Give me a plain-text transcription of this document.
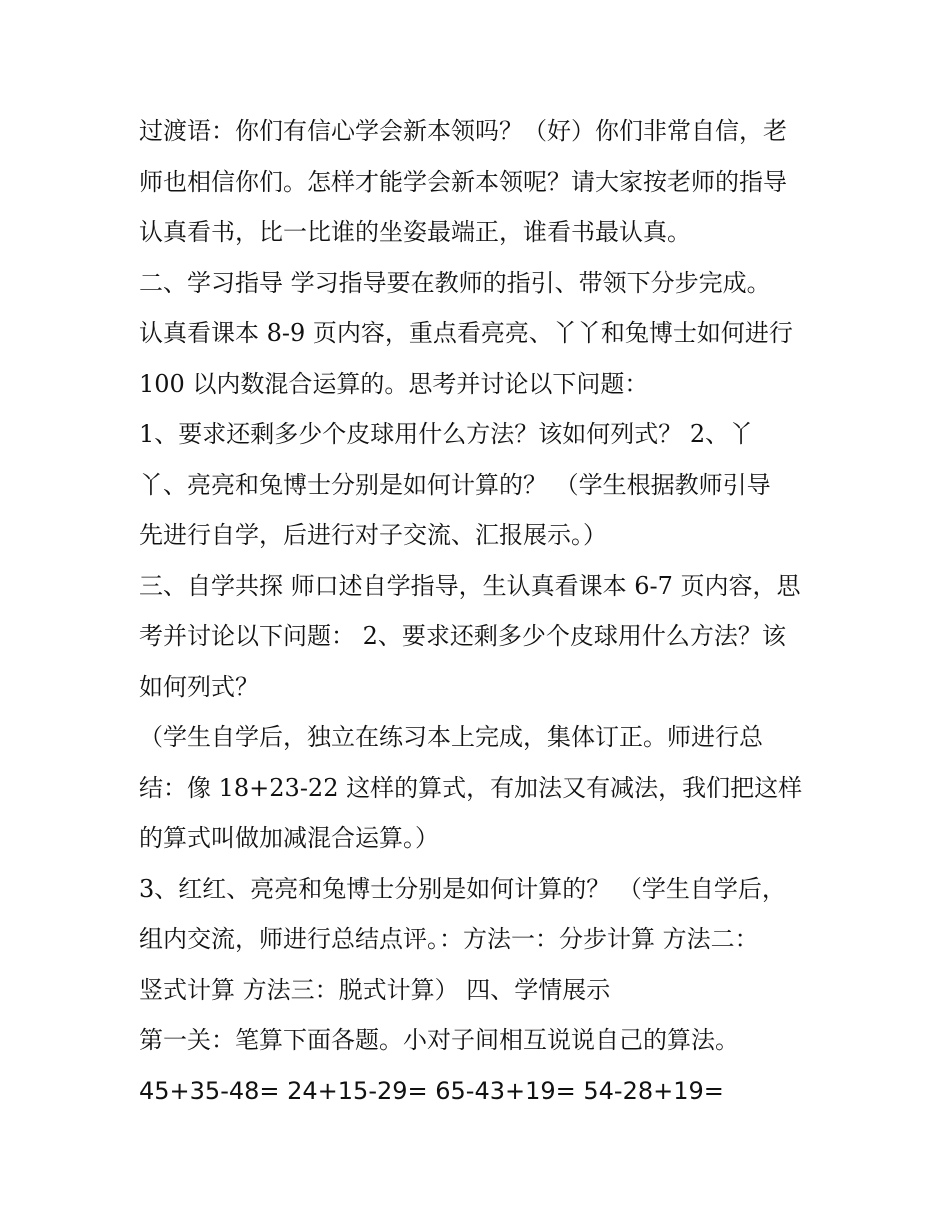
过渡语：你们有信心学会新本领吗？（好）你们非常自信，老
师也相信你们。怎样才能学会新本领呢？请大家按老师的指导
认真看书，比一比谁的坐姿最端正，谁看书最认真。
二、学习指导 学习指导要在教师的指引、带领下分步完成。
认真看课本 8-9 页内容，重点看亮亮、丫丫和兔博士如何进行
100 以内数混合运算的。思考并讨论以下问题：
1、要求还剩多少个皮球用什么方法？该如何列式？ 2、丫
丫、亮亮和兔博士分别是如何计算的？ （学生根据教师引导
先进行自学，后进行对子交流、汇报展示。）
三、自学共探 师口述自学指导，生认真看课本 6-7 页内容，思
考并讨论以下问题： 2、要求还剩多少个皮球用什么方法？该
如何列式？
（学生自学后，独立在练习本上完成，集体订正。师进行总
结：像 18+23-22 这样的算式，有加法又有减法，我们把这样
的算式叫做加减混合运算。）
3、红红、亮亮和兔博士分别是如何计算的？ （学生自学后，
组内交流，师进行总结点评。：方法一：分步计算 方法二：
竖式计算 方法三：脱式计算） 四、学情展示
第一关：笔算下面各题。小对子间相互说说自己的算法。
45+35-48= 24+15-29= 65-43+19= 54-28+19=
